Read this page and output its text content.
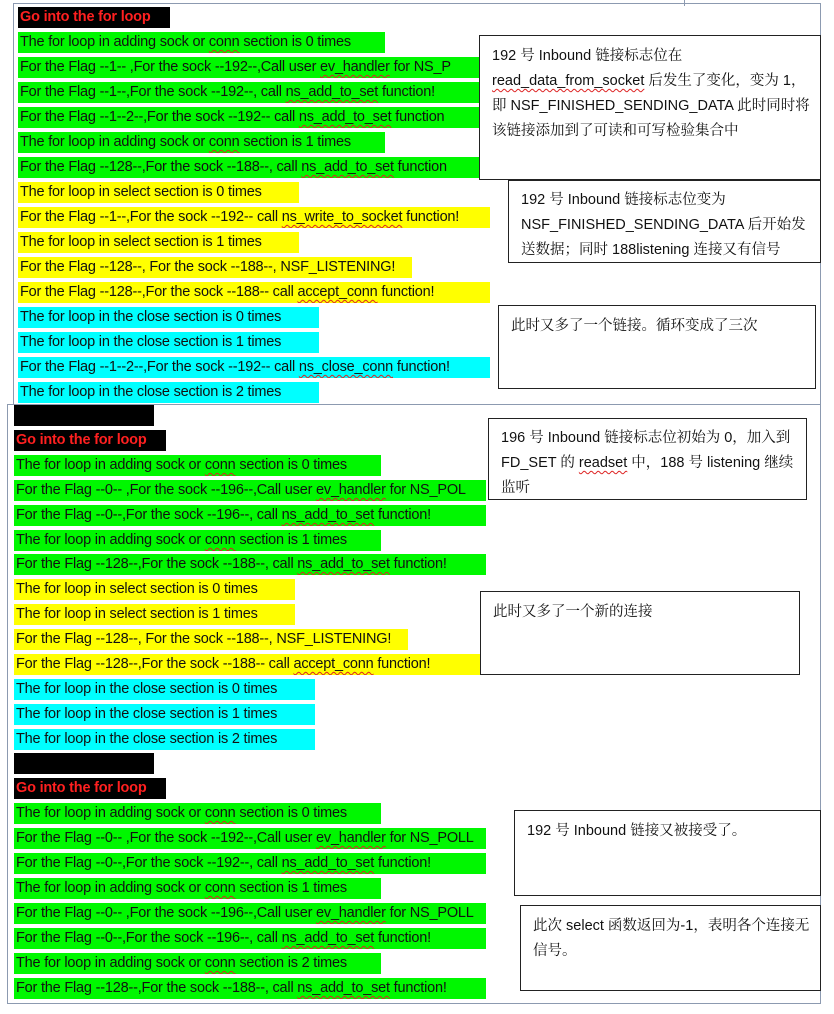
Go into the for loop
The for loop in adding sock or conn section is 0 times
For the Flag --1-- ,For the sock --192--,Call user ev_handler for NS_P
For the Flag --1--,For the sock --192--, call ns_add_to_set function!
For the Flag --1--2--,For the sock --192-- call ns_add_to_set function
The for loop in adding sock or conn section is 1 times
For the Flag --128--,For the sock --188--, call ns_add_to_set function
The for loop in select section is 0 times
For the Flag --1--,For the sock --192-- call ns_write_to_socket function!
The for loop in select section is 1 times
For the Flag --128--, For the sock --188--, NSF_LISTENING!
For the Flag --128--,For the sock --188-- call accept_conn function!
The for loop in the close section is 0 times
The for loop in the close section is 1 times
For the Flag --1--2--,For the sock --192-- call ns_close_conn function!
The for loop in the close section is 2 times
Go into the for loop
The for loop in adding sock or conn section is 0 times
For the Flag --0-- ,For the sock --196--,Call user ev_handler for NS_POL
For the Flag --0--,For the sock --196--, call ns_add_to_set function!
The for loop in adding sock or conn section is 1 times
For the Flag --128--,For the sock --188--, call ns_add_to_set function!
The for loop in select section is 0 times
The for loop in select section is 1 times
For the Flag --128--, For the sock --188--, NSF_LISTENING!
For the Flag --128--,For the sock --188-- call accept_conn function!
The for loop in the close section is 0 times
The for loop in the close section is 1 times
The for loop in the close section is 2 times
Go into the for loop
The for loop in adding sock or conn section is 0 times
For the Flag --0-- ,For the sock --192--,Call user ev_handler for NS_POLL
For the Flag --0--,For the sock --192--, call ns_add_to_set function!
The for loop in adding sock or conn section is 1 times
For the Flag --0-- ,For the sock --196--,Call user ev_handler for NS_POLL
For the Flag --0--,For the sock --196--, call ns_add_to_set function!
The for loop in adding sock or conn section is 2 times
For the Flag --128--,For the sock --188--, call ns_add_to_set function!
192 号 Inbound 链接标志位在 read_data_from_socket 后发生了变化，变为 1，即 NSF_FINISHED_SENDING_DATA 此时同时将该链接添加到了可读和可写检验集合中
192 号 Inbound 链接标志位变为 NSF_FINISHED_SENDING_DATA 后开始发送数据；同时 188listening 连接又有信号
此时又多了一个链接。循环变成了三次
196 号 Inbound 链接标志位初始为 0，加入到 FD_SET 的 readset 中，188 号 listening 继续监听
此时又多了一个新的连接
192 号 Inbound 链接又被接受了。
此次 select 函数返回为-1，表明各个连接无信号。
